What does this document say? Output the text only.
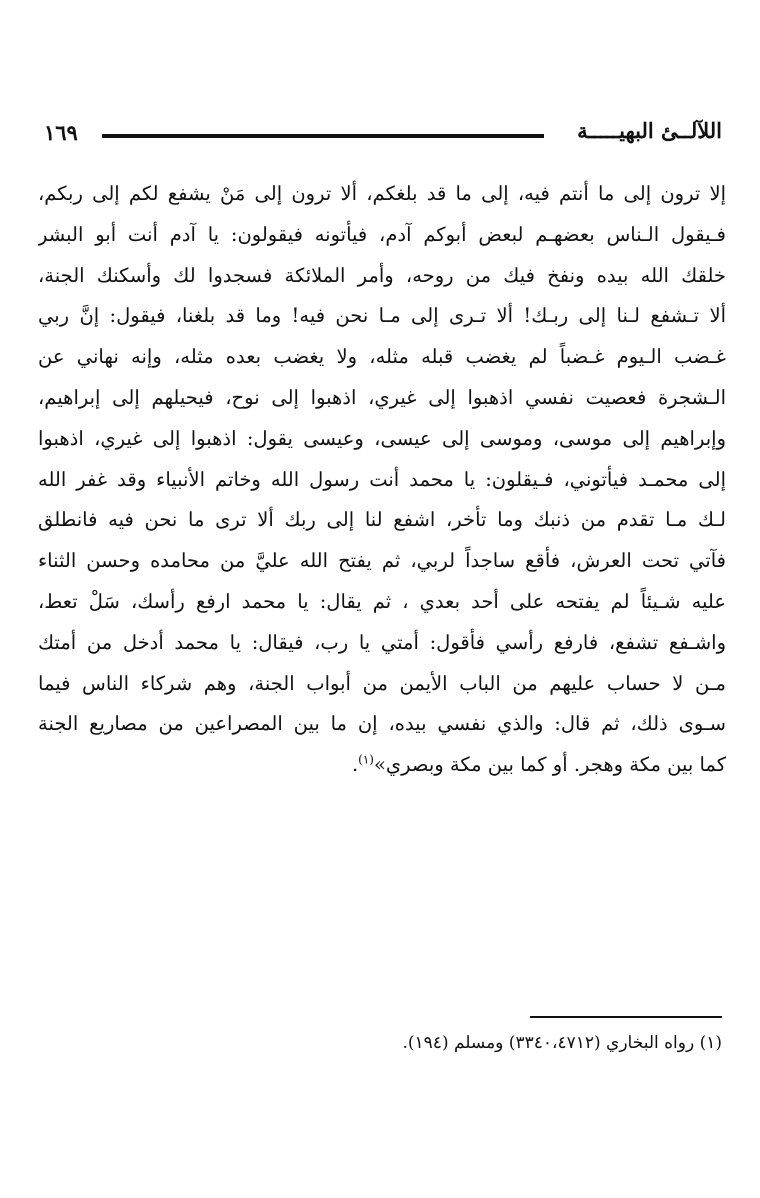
١٦٩	اللآلــئ البهيـــــة
إلا ترون إلى ما أنتم فيه، إلى ما قد بلغكم، ألا ترون إلى مَنْ يشفع لكم إلى ربكم،
فـيقول الـناس بعضهـم لبعض أبوكم آدم، فيأتونه فيقولون: يا آدم أنت أبو البشر
خلقك الله بيده ونفخ فيك من روحه، وأمر الملائكة فسجدوا لك وأسكنك الجنة،
ألا تـشفع لـنا إلى ربـك! ألا تـرى إلى مـا نحن فيه! وما قد بلغنا، فيقول: إنَّ ربي
غـضب الـيوم غـضباً لم يغضب قبله مثله، ولا يغضب بعده مثله، وإنه نهاني عن
الـشجرة فعصيت نفسي اذهبوا إلى غيري، اذهبوا إلى نوح، فيحيلهم إلى إبراهيم،
وإبراهيم إلى موسى، وموسى إلى عيسى، وعيسى يقول: اذهبوا إلى غيري، اذهبوا
إلى محمـد فيأتوني، فـيقلون: يا محمد أنت رسول الله وخاتم الأنبياء وقد غفر الله
لـك مـا تقدم من ذنبك وما تأخر، اشفع لنا إلى ربك ألا ترى ما نحن فيه فانطلق
فآتي تحت العرش، فأقع ساجداً لربي، ثم يفتح الله عليَّ من محامده وحسن الثناء
عليه شـيئاً لم يفتحه على أحد بعدي ، ثم يقال: يا محمد ارفع رأسك، سَلْ تعط،
واشـفع تشفع، فارفع رأسي فأقول: أمتي يا رب، فيقال: يا محمد أدخل من أمتك
مـن لا حساب عليهم من الباب الأيمن من أبواب الجنة، وهم شركاء الناس فيما
سـوى ذلك، ثم قال: والذي نفسي بيده، إن ما بين المصراعين من مصاريع الجنة
كما بين مكة وهجر. أو كما بين مكة وبصري»$^{(١)}$.
(١) رواه البخاري (٣٣٤٠،٤٧١٢) ومسلم (١٩٤).
